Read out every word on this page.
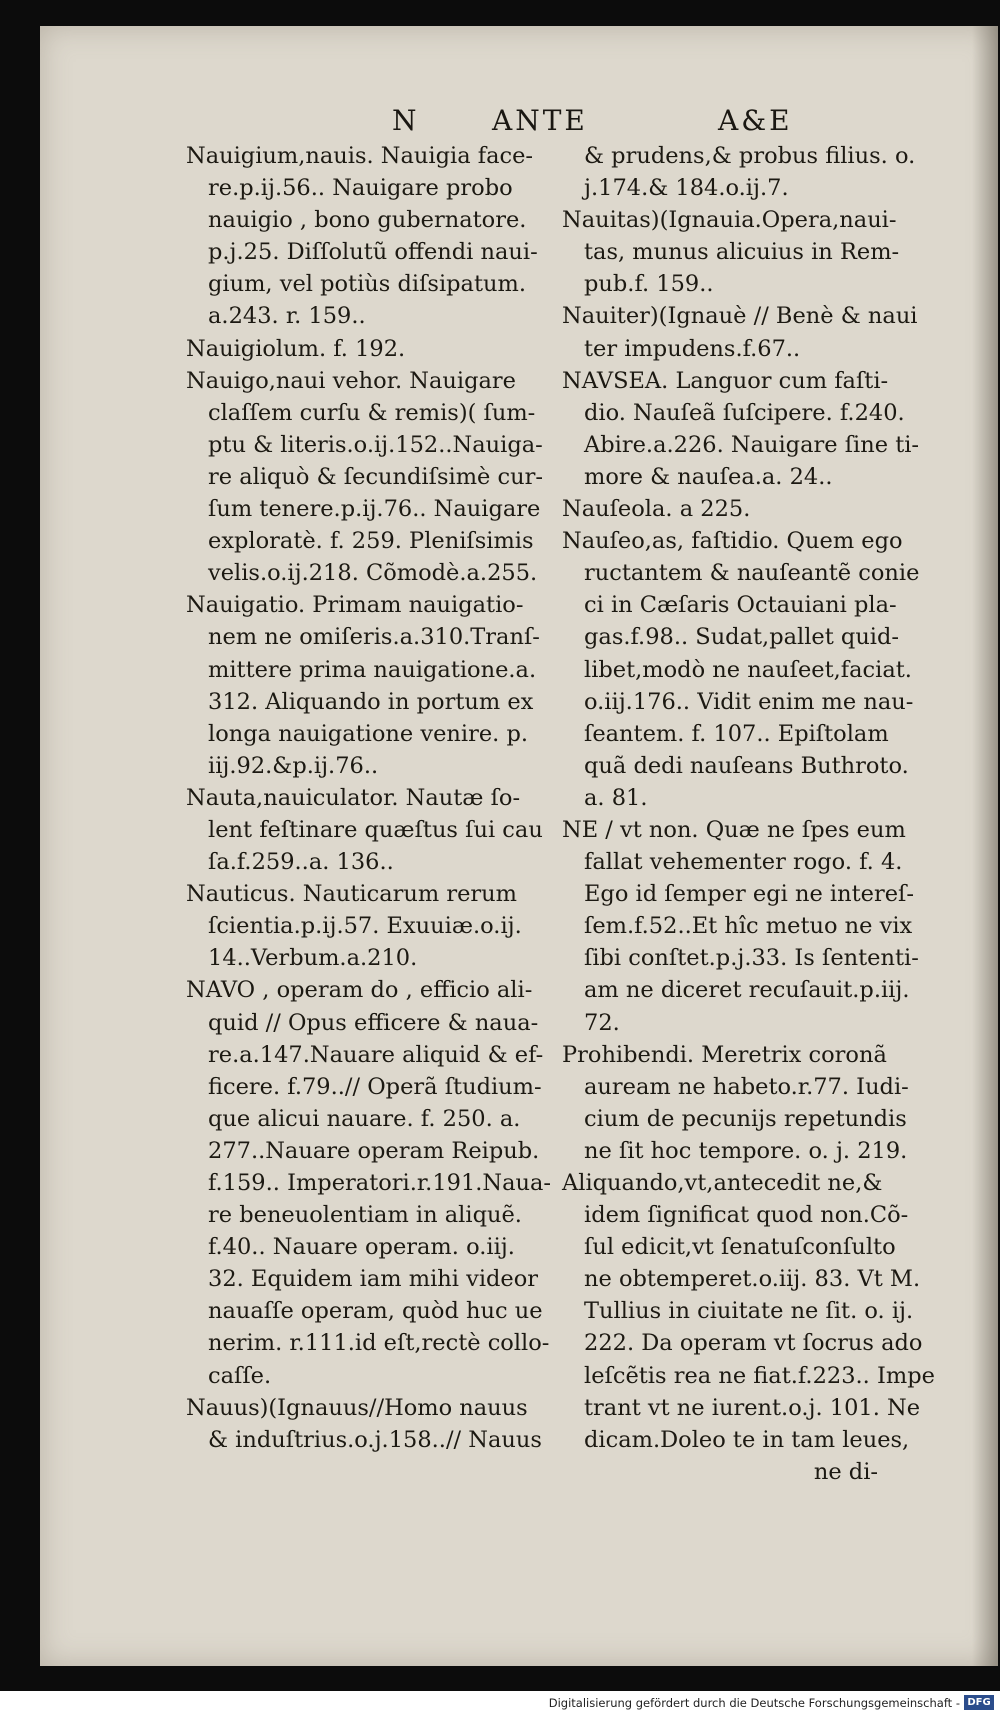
N	ANTE	A&E
Nauigium,nauis. Nauigia face-
re.p.ij.56.. Nauigare probo
nauigio , bono gubernatore.
p.j.25. Diſſolutũ offendi naui-
gium, vel potiùs diſsipatum.
a.243. r. 159..
Nauigiolum. f. 192.
Nauigo,naui vehor. Nauigare
claſſem curſu & remis)( ſum-
ptu & literis.o.ij.152..Nauiga-
re aliquò & ſecundiſsimè cur-
ſum tenere.p.ij.76.. Nauigare
exploratè. f. 259. Pleniſsimis
velis.o.ij.218. Cõmodè.a.255.
Nauigatio. Primam nauigatio-
nem ne omiſeris.a.310.Tranſ-
mittere prima nauigatione.a.
312. Aliquando in portum ex
longa nauigatione venire. p.
iij.92.&p.ij.76..
Nauta,nauiculator. Nautæ ſo-
lent feſtinare quæſtus ſui cau
ſa.f.259..a. 136..
Nauticus. Nauticarum rerum
ſcientia.p.ij.57. Exuuiæ.o.ij.
14..Verbum.a.210.
NAVO , operam do , efficio ali-
quid // Opus efficere & naua-
re.a.147.Nauare aliquid & ef-
ficere. f.79..// Operã ſtudium-
que alicui nauare. f. 250. a.
277..Nauare operam Reipub.
f.159.. Imperatori.r.191.Naua-
re beneuolentiam in aliquẽ.
f.40.. Nauare operam. o.iij.
32. Equidem iam mihi videor
nauaſſe operam, quòd huc ue
nerim. r.111.id eſt,rectè collo-
caſſe.
Nauus)(Ignauus//Homo nauus
& induſtrius.o.j.158..// Nauus
& prudens,& probus filius. o.
j.174.& 184.o.ij.7.
Nauitas)(Ignauia.Opera,naui-
tas, munus alicuius in Rem-
pub.f. 159..
Nauiter)(Ignauè // Benè & naui
ter impudens.f.67..
NAVSEA. Languor cum faſti-
dio. Nauſeã ſuſcipere. f.240.
Abire.a.226. Nauigare ſine ti-
more & nauſea.a. 24..
Nauſeola. a 225.
Nauſeo,as, faſtidio. Quem ego
ructantem & nauſeantẽ conie
ci in Cæſaris Octauiani pla-
gas.f.98.. Sudat,pallet quid-
libet,modò ne nauſeet,faciat.
o.iij.176.. Vidit enim me nau-
ſeantem. f. 107.. Epiſtolam
quã dedi nauſeans Buthroto.
a. 81.
NE / vt non. Quæ ne ſpes eum
fallat vehementer rogo. f. 4.
Ego id ſemper egi ne intereſ-
ſem.f.52..Et hîc metuo ne vix
ſibi conſtet.p.j.33. Is ſententi-
am ne diceret recuſauit.p.iij.
72.
Prohibendi. Meretrix coronã
auream ne habeto.r.77. Iudi-
cium de pecunijs repetundis
ne ſit hoc tempore. o. j. 219.
Aliquando,vt,antecedit ne,&
idem ſignificat quod non.Cõ-
ſul edicit,vt ſenatuſconſulto
ne obtemperet.o.iij. 83. Vt M.
Tullius in ciuitate ne ſit. o. ij.
222. Da operam vt ſocrus ado
leſcẽtis rea ne fiat.f.223.. Impe
trant vt ne iurent.o.j. 101. Ne
dicam.Doleo te in tam leues,
ne di-
Digitalisierung gefördert durch die Deutsche Forschungsgemeinschaft - DFG
